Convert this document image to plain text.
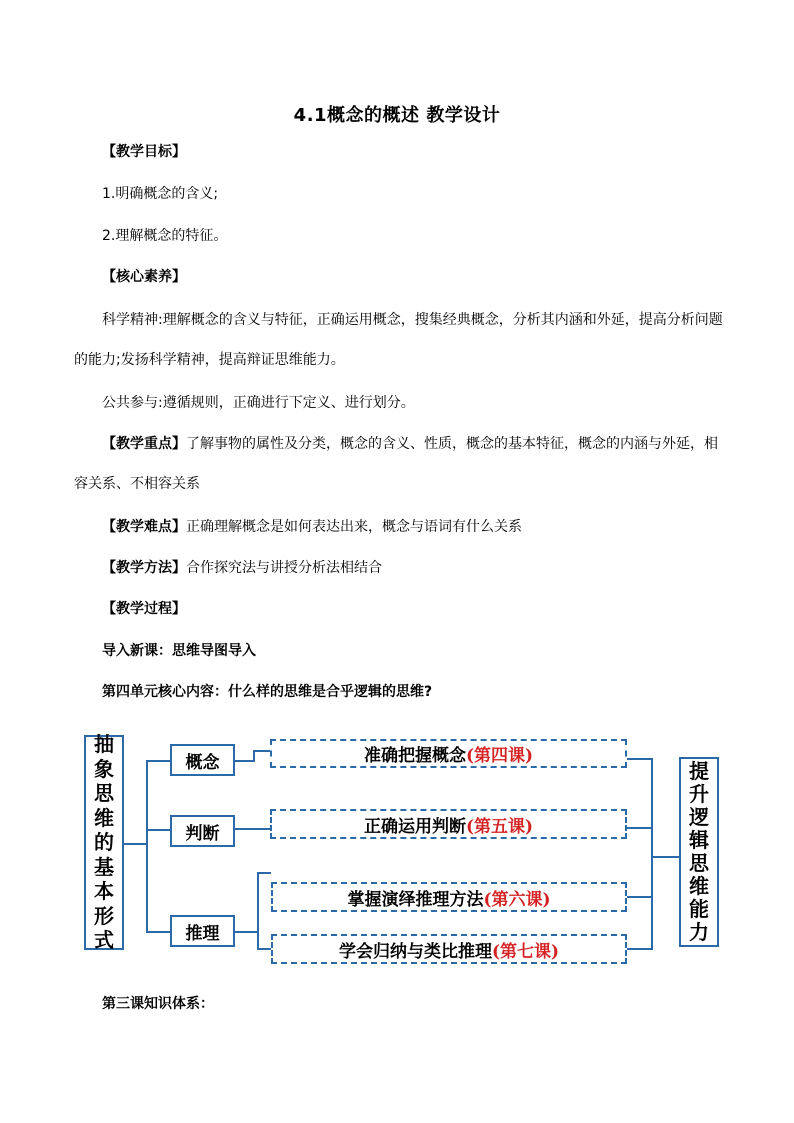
4.1概念的概述 教学设计
【教学目标】
1.明确概念的含义;
2.理解概念的特征。
【核心素养】
科学精神:理解概念的含义与特征，正确运用概念，搜集经典概念，分析其内涵和外延，提高分析问题的能力;发扬科学精神，提高辩证思维能力。
公共参与:遵循规则，正确进行下定义、进行划分。
【教学重点】了解事物的属性及分类，概念的含义、性质，概念的基本特征，概念的内涵与外延，相容关系、不相容关系
【教学难点】正确理解概念是如何表达出来，概念与语词有什么关系
【教学方法】合作探究法与讲授分析法相结合
【教学过程】
导入新课：思维导图导入
第四单元核心内容：什么样的思维是合乎逻辑的思维?
抽
象
思
维
的
基
本
形
式
概念
判断
推理
准确把握概念 (第四课)
正确运用判断 (第五课)
掌握演绎推理方法 (第六课)
学会归纳与类比推理 (第七课)
提
升
逻
辑
思
维
能
力
第三课知识体系：
